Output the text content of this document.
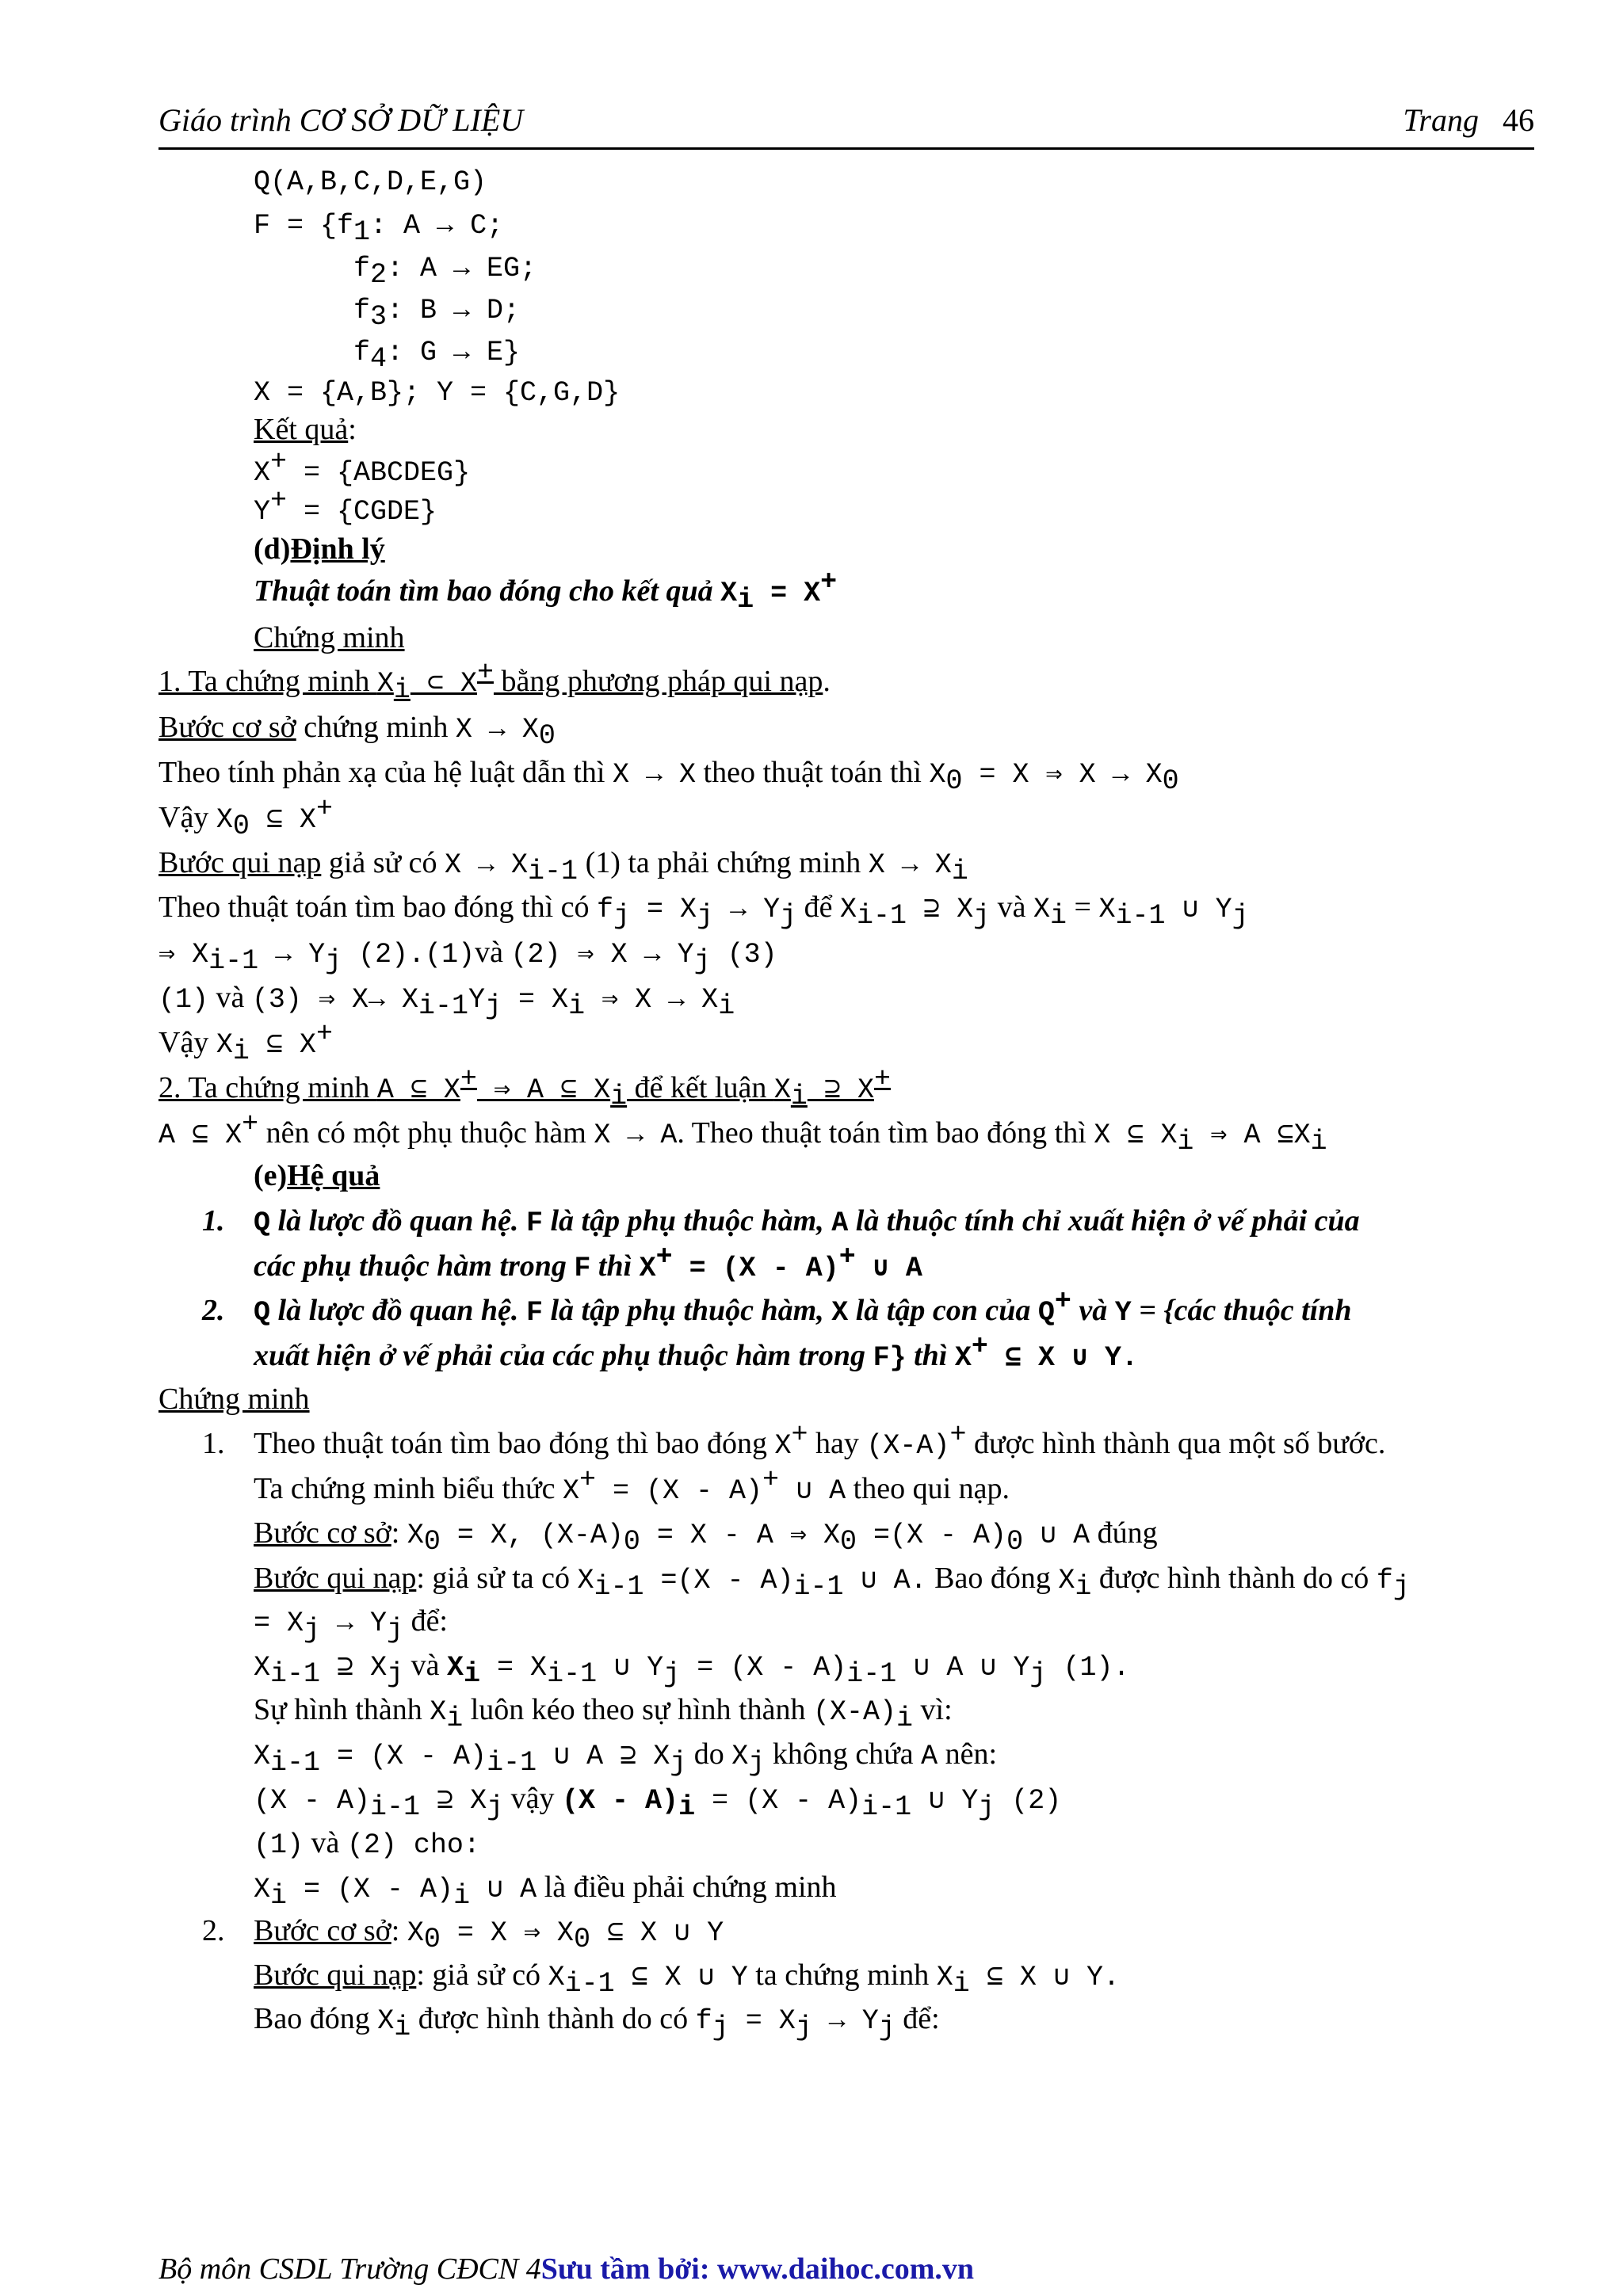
Giáo trình CƠ SỞ DỮ LIỆU	Trang 46
Q(A,B,C,D,E,G)
$F = \{f_1$: A → C;
$f_2$: A → EG;
$f_3$: B → D;
$f_4$: G → E}
X = {A,B}; Y = {C,G,D}
Kết quả:
X+ = {ABCDEG}
Y+ = {CGDE}
(d)Định lý
Thuật toán tìm bao đóng cho kết quả $X_i = X^+$
Chứng minh
1. Ta chứng minh $X_i$ ⊂ X+ bằng phương pháp qui nạp.
Bước cơ sở chứng minh $X \to X_0$
Theo tính phản xạ của hệ luật dẫn thì X → X theo thuật toán thì $X_0 = X$ ⇒ $X \to X_0$
Vậy $X_0$ ⊆ X+
Bước qui nạp giả sử có $X \to X_{i-1}$ (1) ta phải chứng minh $X \to X_i$
Theo thuật toán tìm bao đóng thì có $f_j = X_j \to Y_j$ để $X_{i-1}$ ⊇ $X_j$ và $X_i = X_{i-1}$ ∪ $Y_j$
⇒ $X_{i-1} \to Y_j$ (2).(1)và (2) ⇒ $X \to Y_j$ (3)
(1) và (3) ⇒ $X\to X_{i-1}Y_j = X_i$ ⇒ $X \to X_i$
Vậy $X_i$ ⊆ X+
2. Ta chứng minh A ⊆ X+ ⇒ A ⊆ $X_i$ để kết luận $X_i$ ⊇ X+
A ⊆ X+ nên có một phụ thuộc hàm X → A. Theo thuật toán tìm bao đóng thì X ⊆ $X_i$ ⇒ A $⊆X_i$
(e)Hệ quả
1. Q là lược đồ quan hệ. F là tập phụ thuộc hàm, A là thuộc tính chỉ xuất hiện ở vế phải của
các phụ thuộc hàm trong F thì X+ = (X - A)+ ∪ A
2. Q là lược đồ quan hệ. F là tập phụ thuộc hàm, X là tập con của Q+ và Y = {các thuộc tính
xuất hiện ở vế phải của các phụ thuộc hàm trong F} thì X+ ⊆ X ∪ Y.
Chứng minh
1. Theo thuật toán tìm bao đóng thì bao đóng X+ hay (X-A)+ được hình thành qua một số bước.
Ta chứng minh biểu thức X+ = (X - A)+ ∪ A theo qui nạp.
Bước cơ sở: $X_0 = X$, $(X-A)_0 = X - A$ ⇒ $X_0 =(X - A)_0$ ∪ A đúng
Bước qui nạp: giả sử ta có $X_{i-1} =(X - A)_{i-1}$ ∪ A. Bao đóng $X_i$ được hình thành do có $f_j$
= $X_j \to Y_j$ để:
$X_{i-1}$ ⊇ $X_j$ và $X_i = X_{i-1}$ ∪ $Y_j = (X - A)_{i-1}$ ∪ A ∪ $Y_j$ (1).
Sự hình thành $X_i$ luôn kéo theo sự hình thành $(X-A)_i$ vì:
$X_{i-1} = (X - A)_{i-1}$ ∪ A ⊇ $X_j$ do $X_j$ không chứa A nên:
$(X - A)_{i-1}$ ⊇ $X_j$ vậy $(X - A)_i = (X - A)_{i-1}$ ∪ $Y_j$ (2)
(1) và (2) cho:
$X_i = (X - A)_i$ ∪ A là điều phải chứng minh
2. Bước cơ sở: $X_0 = X$ ⇒ $X_0$ ⊆ X ∪ Y
Bước qui nạp: giả sử có $X_{i-1}$ ⊆ X ∪ Y ta chứng minh $X_i$ ⊆ X ∪ Y.
Bao đóng $X_i$ được hình thành do có $f_j = X_j \to Y_j$ để:
Bộ môn CSDL Trường CĐCN 4Sưu tầm bởi: www.daihoc.com.vn
